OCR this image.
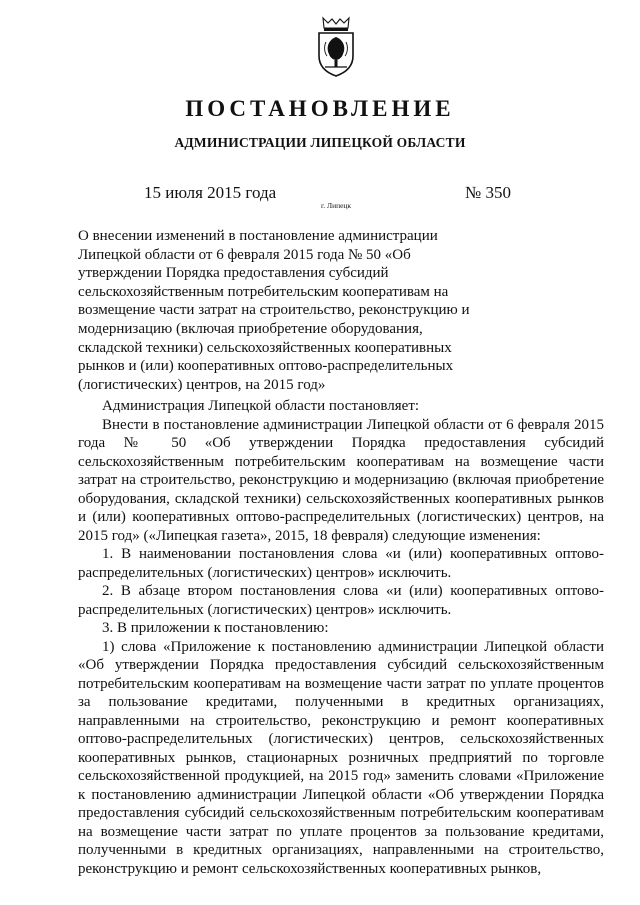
ПОСТАНОВЛЕНИЕ
АДМИНИСТРАЦИИ ЛИПЕЦКОЙ ОБЛАСТИ
15 июля 2015 года
г. Липецк
№ 350
О внесении изменений в постановление администрации Липецкой области от 6 февраля 2015 года № 50 «Об утверждении Порядка предоставления субсидий сельскохозяйственным потребительским кооперативам на возмещение части затрат на строительство, реконструкцию и модернизацию (включая приобретение оборудования, складской техники) сельскохозяйственных кооперативных рынков и (или) кооперативных оптово-распределительных (логистических) центров, на 2015 год»

Администрация Липецкой области постановляет:

Внести в постановление администрации Липецкой области от 6 февраля 2015 года № 50 «Об утверждении Порядка предоставления субсидий сельскохозяйственным потребительским кооперативам на возмещение части затрат на строительство, реконструкцию и модернизацию (включая приобретение оборудования, складской техники) сельскохозяйственных кооперативных рынков и (или) кооперативных оптово-распределительных (логистических) центров, на 2015 год» («Липецкая газета», 2015, 18 февраля) следующие изменения:

1. В наименовании постановления слова «и (или) кооперативных оптово-распределительных (логистических) центров» исключить.

2. В абзаце втором постановления слова «и (или) кооперативных оптово-распределительных (логистических) центров» исключить.

3. В приложении к постановлению:

1) слова «Приложение к постановлению администрации Липецкой области «Об утверждении Порядка предоставления субсидий сельскохозяйственным потребительским кооперативам на возмещение части затрат по уплате процентов за пользование кредитами, полученными в кредитных организациях, направленными на строительство, реконструкцию и ремонт кооперативных оптово-распределительных (логистических) центров, сельскохозяйственных кооперативных рынков, стационарных розничных предприятий по торговле сельскохозяйственной продукцией, на 2015 год» заменить словами «Приложение к постановлению администрации Липецкой области «Об утверждении Порядка предоставления субсидий сельскохозяйственным потребительским кооперативам на возмещение части затрат по уплате процентов за пользование кредитами, полученными в кредитных организациях, направленными на строительство, реконструкцию и ремонт сельскохозяйственных кооперативных рынков,
